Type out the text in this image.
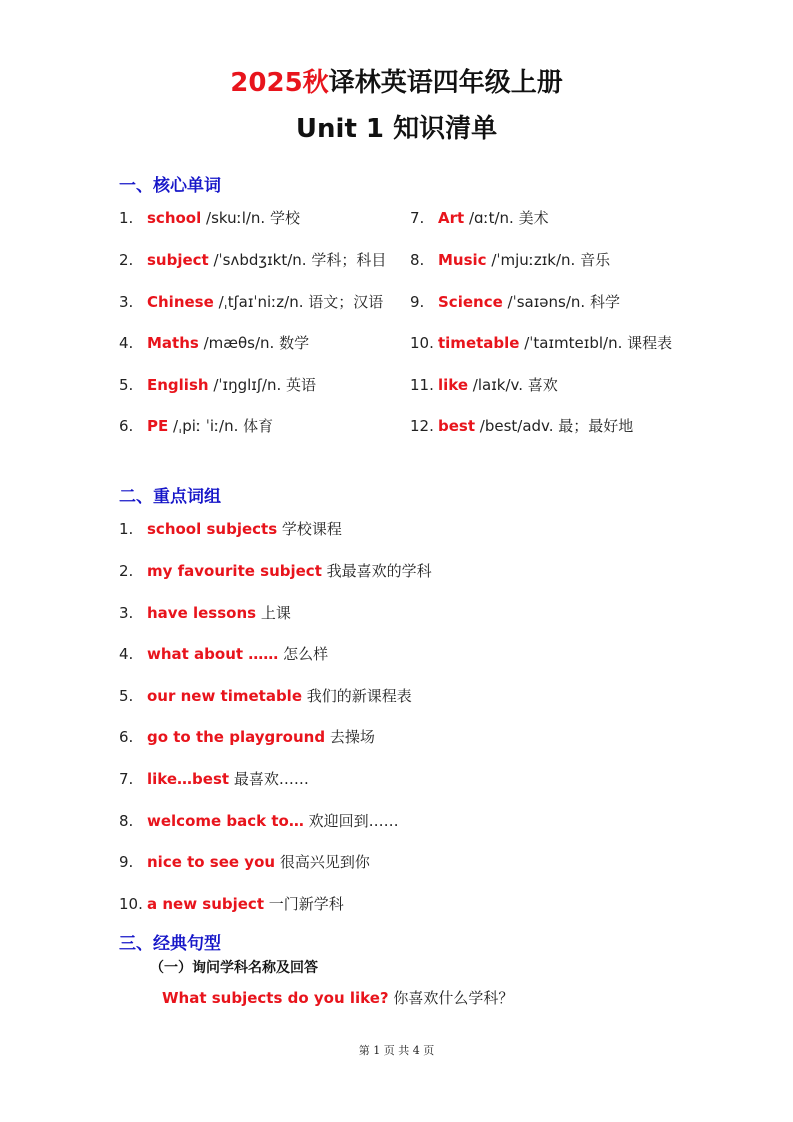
2025秋译林英语四年级上册
Unit 1 知识清单
一、核心单词
1. school /skuːl/n. 学校
2. subject /ˈsʌbdʒɪkt/n. 学科；科目
3. Chinese /ˌtʃaɪˈniːz/n. 语文；汉语
4. Maths /mæθs/n. 数学
5. English /ˈɪŋglɪʃ/n. 英语
6. PE /ˌpiː ˈiː/n. 体育
7. Art /ɑːt/n. 美术
8. Music /ˈmjuːzɪk/n. 音乐
9. Science /ˈsaɪəns/n. 科学
10. timetable /ˈtaɪmteɪbl/n. 课程表
11. like /laɪk/v. 喜欢
12. best /best/adv. 最；最好地
二、重点词组
1. school subjects 学校课程
2. my favourite subject 我最喜欢的学科
3. have lessons 上课
4. what about …… 怎么样
5. our new timetable 我们的新课程表
6. go to the playground 去操场
7. like…best 最喜欢……
8. welcome back to… 欢迎回到……
9. nice to see you 很高兴见到你
10. a new subject 一门新学科
三、经典句型
（一）询问学科名称及回答
What subjects do you like? 你喜欢什么学科？
第 1 页 共 4 页
